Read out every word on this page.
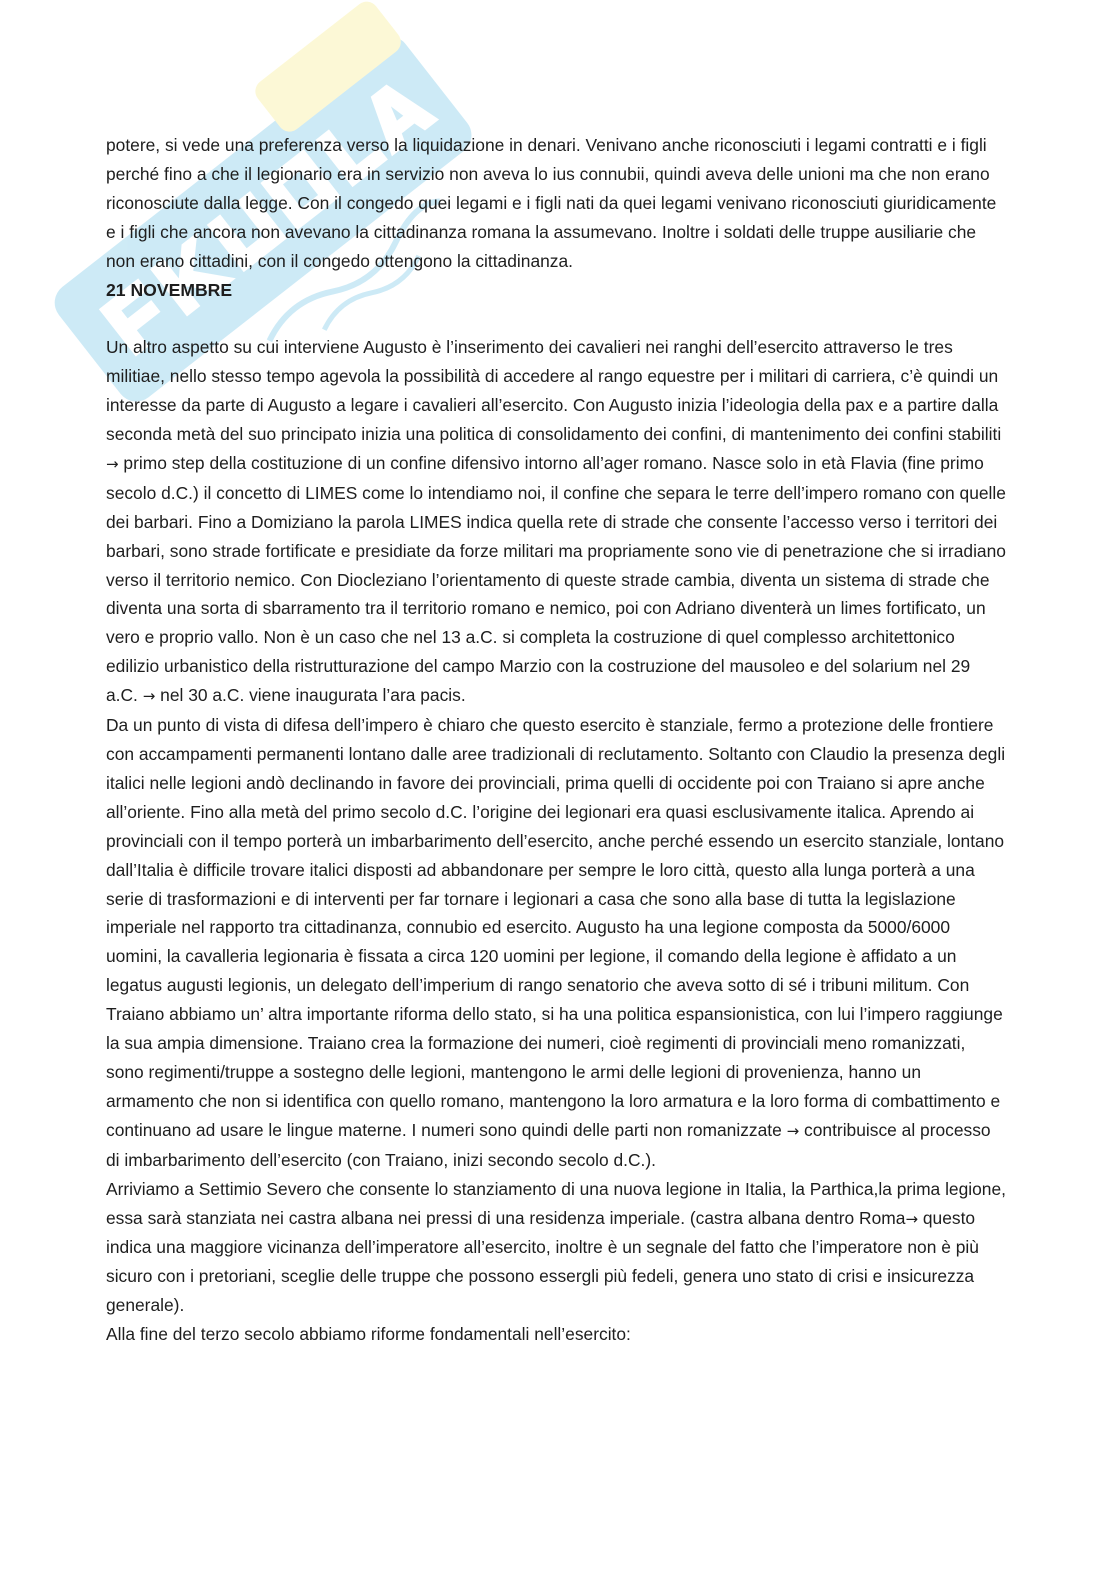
potere, si vede una preferenza verso la liquidazione in denari. Venivano anche riconosciuti i legami contratti e i figli perché fino a che il legionario era in servizio non aveva lo ius connubii, quindi aveva delle unioni ma che non erano riconosciute dalla legge. Con il congedo quei legami e i figli nati da quei legami venivano riconosciuti giuridicamente e i figli che ancora non avevano la cittadinanza romana la assumevano. Inoltre i soldati delle truppe ausiliarie che non erano cittadini, con il congedo ottengono la cittadinanza.

21 NOVEMBRE

Un altro aspetto su cui interviene Augusto è l’inserimento dei cavalieri nei ranghi dell’esercito attraverso le tres militiae, nello stesso tempo agevola la possibilità di accedere al rango equestre per i militari di carriera, c’è quindi un interesse da parte di Augusto a legare i cavalieri all’esercito. Con Augusto inizia l’ideologia della pax e a partire dalla seconda metà del suo principato inizia una politica di consolidamento dei confini, di mantenimento dei confini stabiliti → primo step della costituzione di un confine difensivo intorno all’ager romano. Nasce solo in età Flavia (fine primo secolo d.C.) il concetto di LIMES come lo intendiamo noi, il confine che separa le terre dell’impero romano con quelle dei barbari. Fino a Domiziano la parola LIMES indica quella rete di strade che consente l’accesso verso i territori dei barbari, sono strade fortificate e presidiate da forze militari ma propriamente sono vie di penetrazione che si irradiano verso il territorio nemico. Con Diocleziano l’orientamento di queste strade cambia, diventa un sistema di strade che diventa una sorta di sbarramento tra il territorio romano e nemico, poi con Adriano diventerà un limes fortificato, un vero e proprio vallo. Non è un caso che nel 13 a.C. si completa la costruzione di quel complesso architettonico edilizio urbanistico della ristrutturazione del campo Marzio con la costruzione del mausoleo e del solarium nel 29 a.C. → nel 30 a.C. viene inaugurata l’ara pacis.

Da un punto di vista di difesa dell’impero è chiaro che questo esercito è stanziale, fermo a protezione delle frontiere con accampamenti permanenti lontano dalle aree tradizionali di reclutamento. Soltanto con Claudio la presenza degli italici nelle legioni andò declinando in favore dei provinciali, prima quelli di occidente poi con Traiano si apre anche all’oriente. Fino alla metà del primo secolo d.C. l’origine dei legionari era quasi esclusivamente italica. Aprendo ai provinciali con il tempo porterà un imbarbarimento dell’esercito, anche perché essendo un esercito stanziale, lontano dall’Italia è difficile trovare italici disposti ad abbandonare per sempre le loro città, questo alla lunga porterà a una serie di trasformazioni e di interventi per far tornare i legionari a casa che sono alla base di tutta la legislazione imperiale nel rapporto tra cittadinanza, connubio ed esercito. Augusto ha una legione composta da 5000/6000 uomini, la cavalleria legionaria è fissata a circa 120 uomini per legione, il comando della legione è affidato a un legatus augusti legionis, un delegato dell’imperium di rango senatorio che aveva sotto di sé i tribuni militum. Con Traiano abbiamo un’ altra importante riforma dello stato, si ha una politica espansionistica, con lui l’impero raggiunge la sua ampia dimensione. Traiano crea la formazione dei numeri, cioè regimenti di provinciali meno romanizzati, sono regimenti/truppe a sostegno delle legioni, mantengono le armi delle legioni di provenienza, hanno un armamento che non si identifica con quello romano, mantengono la loro armatura e la loro forma di combattimento e continuano ad usare le lingue materne. I numeri sono quindi delle parti non romanizzate → contribuisce al processo di imbarbarimento dell’esercito (con Traiano, inizi secondo secolo d.C.).

Arriviamo a Settimio Severo che consente lo stanziamento di una nuova legione in Italia, la Parthica,la prima legione, essa sarà stanziata nei castra albana nei pressi di una residenza imperiale. (castra albana dentro Roma→ questo indica una maggiore vicinanza dell’imperatore all’esercito, inoltre è un segnale del fatto che l’imperatore non è più sicuro con i pretoriani, sceglie delle truppe che possono essergli più fedeli, genera uno stato di crisi e insicurezza generale).

Alla fine del terzo secolo abbiamo riforme fondamentali nell’esercito:
